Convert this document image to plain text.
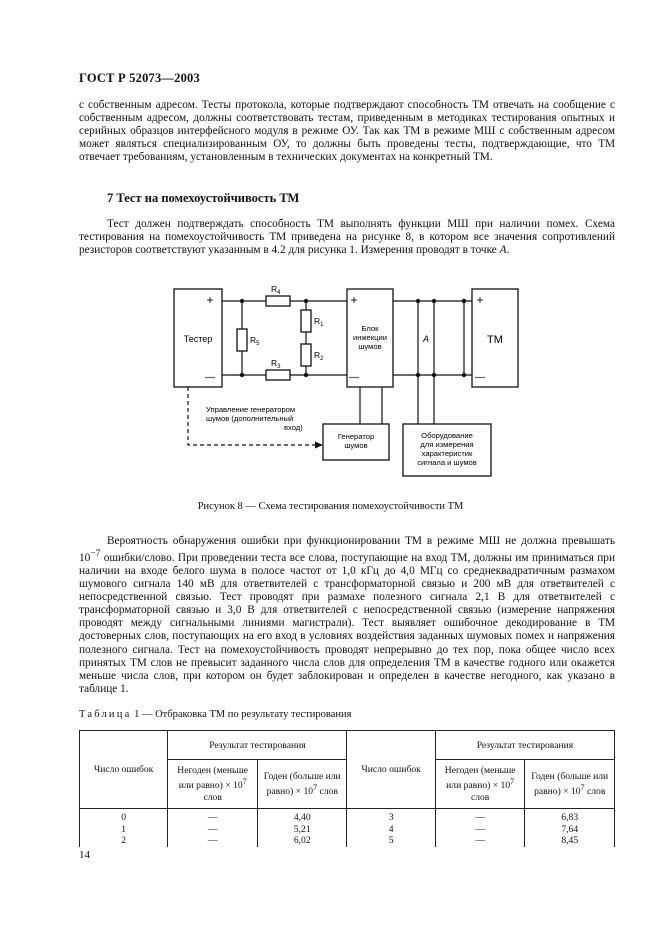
ГОСТ Р 52073—2003

с собственным адресом. Тесты протокола, которые подтверждают способность ТМ отвечать на сообщение с собственным адресом, должны соответствовать тестам, приведенным в методиках тестирования опытных и серийных образцов интерфейсного модуля в режиме ОУ. Так как ТМ в режиме МШ с собственным адресом может являться специализированным ОУ, то должны быть проведены тесты, подтверждающие, что ТМ отвечает требованиям, установленным в технических документах на конкретный ТМ.

7 Тест на помехоустойчивость ТМ

Тест должен подтверждать способность ТМ выполнять функции МШ при наличии помех. Схема тестирования на помехоустойчивость ТМ приведена на рисунке 8, в котором все значения сопротивлений резисторов соответствуют указанным в 4.2 для рисунка 1. Измерения проводят в точке А.

+
—
+
—
+
—
Тестер	ТМ
Блок
инжекции
шумов
Генератор
шумов
Оборудование
для измерения
характеристик
сигнала и шумов
Управление генератором
шумов (дополнительный
вход)
А
$R_4$
$R_3$
$R_5$
$R_1$
$R_2$
Рисунок 8 — Схема тестирования помехоустойчивости ТМ

Вероятность обнаружения ошибки при функционировании ТМ в режиме МШ не должна превышать $10^{-7}$ ошибки/слово. При проведении теста все слова, поступающие на вход ТМ, должны им приниматься при наличии на входе белого шума в полосе частот от 1,0 кГц до 4,0 МГц со среднеквадратичным размахом шумового сигнала 140 мВ для ответвителей с трансформаторной связью и 200 мВ для ответвителей с непосредственной связью. Тест проводят при размахе полезного сигнала 2,1 В для ответвителей с трансформаторной связью и 3,0 В для ответвителей с непосредственной связью (измерение напряжения проводят между сигнальными линиями магистрали). Тест выявляет ошибочное декодирование в ТМ достоверных слов, поступающих на его вход в условиях воздействия заданных шумовых помех и напряжения полезного сигнала. Тест на помехоустойчивость проводят непрерывно до тех пор, пока общее число всех принятых ТМ слов не превысит заданного числа слов для определения ТМ в качестве годного или окажется меньше числа слов, при котором он будет заблокирован и определен в качестве негодного, как указано в таблице 1.

Таблица 1 — Отбраковка ТМ по результату тестирования
Число ошибок	Результат тестирования		Число ошибок	Результат тестирования	
	Негоден (меньше или равно) × $10^7$ слов	Годен (больше или равно) × $10^7$ слов		Негоден (меньше или равно) × $10^7$ слов	Годен (больше или равно) × $10^7$ слов
0	—	4,40	3	—	6,83
1	—	5,21	4	—	7,64
2	—	6,02	5	—	8,45
14
